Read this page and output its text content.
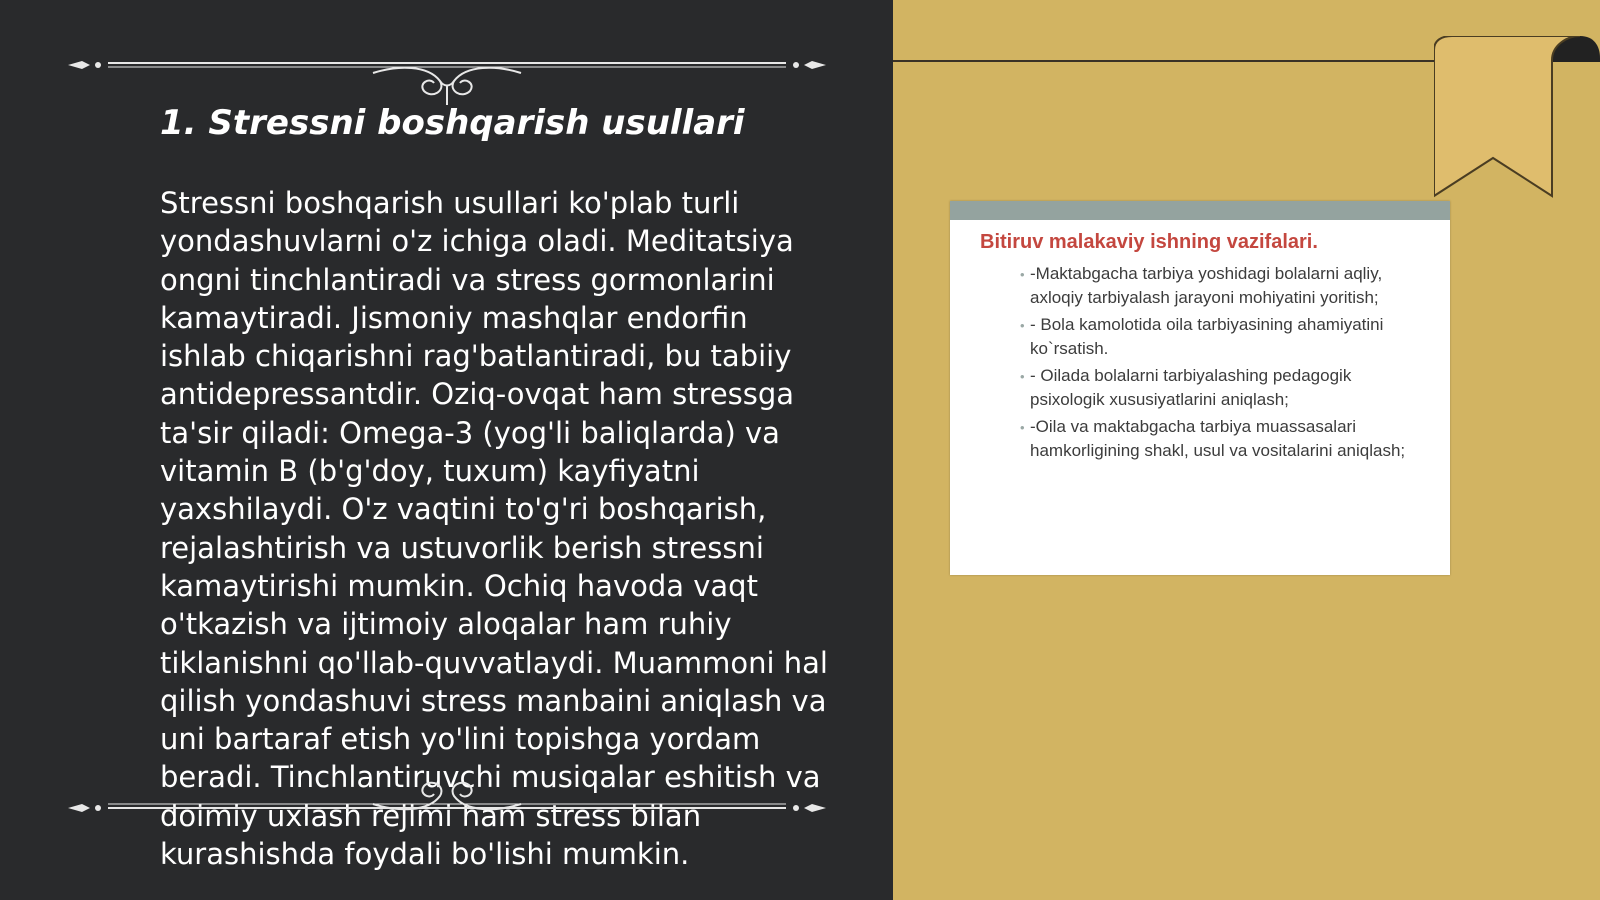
1. Stressni boshqarish usullari

Stressni boshqarish usullari ko'plab turli yondashuvlarni o'z ichiga oladi. Meditatsiya ongni tinchlantiradi va stress gormonlarini kamaytiradi. Jismoniy mashqlar endorfin ishlab chiqarishni rag'batlantiradi, bu tabiiy antidepressantdir. Oziq-ovqat ham stressga ta'sir qiladi: Omega-3 (yog'li baliqlarda) va vitamin B (b'g'doy, tuxum) kayfiyatni yaxshilaydi. O'z vaqtini to'g'ri boshqarish, rejalashtirish va ustuvorlik berish stressni kamaytirishi mumkin. Ochiq havoda vaqt o'tkazish va ijtimoiy aloqalar ham ruhiy tiklanishni qo'llab-quvvatlaydi. Muammoni hal qilish yondashuvi stress manbaini aniqlash va uni bartaraf etish yo'lini topishga yordam beradi. Tinchlantiruvchi musiqalar eshitish va doimiy uxlash rejimi ham stress bilan kurashishda foydali bo'lishi mumkin.

Bitiruv malakaviy ishning vazifalari.
• -Maktabgacha tarbiya yoshidagi bolalarni aqliy, axloqiy tarbiyalash jarayoni mohiyatini yoritish;
• - Bola kamolotida oila tarbiyasining ahamiyatini ko`rsatish.
• - Oilada bolalarni tarbiyalashing pedagogik psixologik xususiyatlarini aniqlash;
• -Oila va maktabgacha tarbiya muassasalari hamkorligining shakl, usul va vositalarini aniqlash;
